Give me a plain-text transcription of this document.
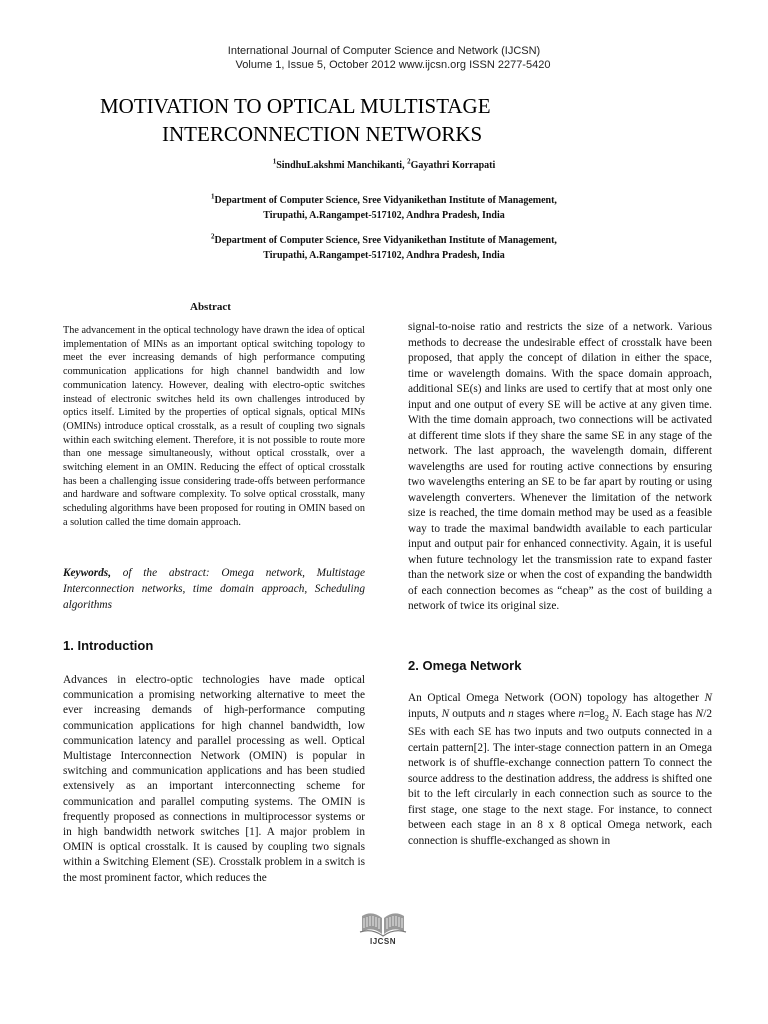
International Journal of Computer Science and Network (IJCSN)
Volume 1, Issue 5, October 2012 www.ijcsn.org ISSN 2277-5420
MOTIVATION TO OPTICAL MULTISTAGE
INTERCONNECTION NETWORKS
$^1$SindhuLakshmi Manchikanti, $^2$Gayathri Korrapati
$^1$Department of Computer Science, Sree Vidyanikethan Institute of Management,
Tirupathi, A.Rangampet-517102, Andhra Pradesh, India
$^2$Department of Computer Science, Sree Vidyanikethan Institute of Management,
Tirupathi, A.Rangampet-517102, Andhra Pradesh, India
Abstract

The advancement in the optical technology have drawn the idea of optical implementation of MINs as an important optical switching topology to meet the ever increasing demands of high performance computing communication applications for high channel bandwidth and low communication latency. However, dealing with electro-optic switches instead of electronic switches held its own challenges introduced by optics itself. Limited by the properties of optical signals, optical MINs (OMINs) introduce optical crosstalk, as a result of coupling two signals within each switching element. Therefore, it is not possible to route more than one message simultaneously, without optical crosstalk, over a switching element in an OMIN. Reducing the effect of optical crosstalk has been a challenging issue considering trade-offs between performance and hardware and software complexity. To solve optical crosstalk, many scheduling algorithms have been proposed for routing in OMIN based on a solution called the time domain approach.

Keywords, of the abstract: Omega network, Multistage Interconnection networks, time domain approach, Scheduling algorithms

1. Introduction

Advances in electro-optic technologies have made optical communication a promising networking alternative to meet the ever increasing demands of high-performance computing communication applications for high channel bandwidth, low communication latency and parallel processing as well. Optical Multistage Interconnection Network (OMIN) is popular in switching and communication applications and has been studied extensively as an important interconnecting scheme for communication and parallel computing systems. The OMIN is frequently proposed as connections in multiprocessor systems or in high bandwidth network switches [1]. A major problem in OMIN is optical crosstalk. It is caused by coupling two signals within a Switching Element (SE). Crosstalk problem in a switch is the most prominent factor, which reduces the

signal-to-noise ratio and restricts the size of a network. Various methods to decrease the undesirable effect of crosstalk have been proposed, that apply the concept of dilation in either the space, time or wavelength domains. With the space domain approach, additional SE(s) and links are used to certify that at most only one input and one output of every SE will be active at any given time. With the time domain approach, two connections will be activated at different time slots if they share the same SE in any stage of the network. The last approach, the wavelength domain, different wavelengths are used for routing active connections by ensuring two wavelengths entering an SE to be far apart by routing or using wavelength converters. Whenever the limitation of the network size is reached, the time domain method may be used as a feasible way to trade the maximal bandwidth available to each particular input and output pair for enhanced connectivity. Again, it is useful when future technology let the transmission rate to expand faster than the network size or when the cost of expanding the bandwidth of each connection becomes as “cheap” as the cost of building a network of twice its original size.

2. Omega Network

An Optical Omega Network (OON) topology has altogether N inputs, N outputs and n stages where $n=\log_2$ N. Each stage has N/2 SEs with each SE has two inputs and two outputs connected in a certain pattern[2]. The inter-stage connection pattern in an Omega network is of shuffle-exchange connection pattern To connect the source address to the destination address, the address is shifted one bit to the left circularly in each connection such as source to the first stage, one stage to the next stage. For instance, to connect between each stage in an 8 x 8 optical Omega network, each connection is shuffle-exchanged as shown in

IJCSN
